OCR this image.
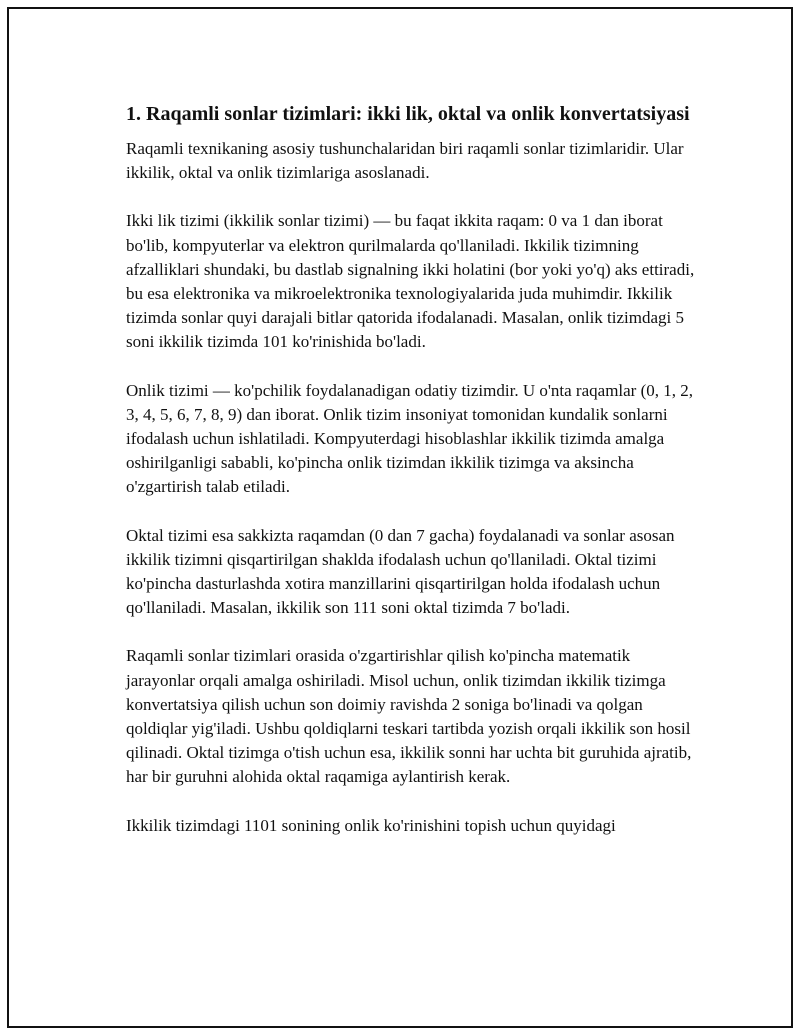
1. Raqamli sonlar tizimlari: ikki lik, oktal va onlik konvertatsiyasi

Raqamli texnikaning asosiy tushunchalaridan biri raqamli sonlar tizimlaridir. Ular ikkilik, oktal va onlik tizimlariga asoslanadi.

Ikki lik tizimi (ikkilik sonlar tizimi) — bu faqat ikkita raqam: 0 va 1 dan iborat bo'lib, kompyuterlar va elektron qurilmalarda qo'llaniladi. Ikkilik tizimning afzalliklari shundaki, bu dastlab signalning ikki holatini (bor yoki yo'q) aks ettiradi, bu esa elektronika va mikroelektronika texnologiyalarida juda muhimdir. Ikkilik tizimda sonlar quyi darajali bitlar qatorida ifodalanadi. Masalan, onlik tizimdagi 5 soni ikkilik tizimda 101 ko'rinishida bo'ladi.

Onlik tizimi — ko'pchilik foydalanadigan odatiy tizimdir. U o'nta raqamlar (0, 1, 2, 3, 4, 5, 6, 7, 8, 9) dan iborat. Onlik tizim insoniyat tomonidan kundalik sonlarni ifodalash uchun ishlatiladi. Kompyuterdagi hisoblashlar ikkilik tizimda amalga oshirilganligi sababli, ko'pincha onlik tizimdan ikkilik tizimga va aksincha o'zgartirish talab etiladi.

Oktal tizimi esa sakkizta raqamdan (0 dan 7 gacha) foydalanadi va sonlar asosan ikkilik tizimni qisqartirilgan shaklda ifodalash uchun qo'llaniladi. Oktal tizimi ko'pincha dasturlashda xotira manzillarini qisqartirilgan holda ifodalash uchun qo'llaniladi. Masalan, ikkilik son 111 soni oktal tizimda 7 bo'ladi.

Raqamli sonlar tizimlari orasida o'zgartirishlar qilish ko'pincha matematik jarayonlar orqali amalga oshiriladi. Misol uchun, onlik tizimdan ikkilik tizimga konvertatsiya qilish uchun son doimiy ravishda 2 soniga bo'linadi va qolgan qoldiqlar yig'iladi. Ushbu qoldiqlarni teskari tartibda yozish orqali ikkilik son hosil qilinadi. Oktal tizimga o'tish uchun esa, ikkilik sonni har uchta bit guruhida ajratib, har bir guruhni alohida oktal raqamiga aylantirish kerak.

Ikkilik tizimdagi 1101 sonining onlik ko'rinishini topish uchun quyidagi
